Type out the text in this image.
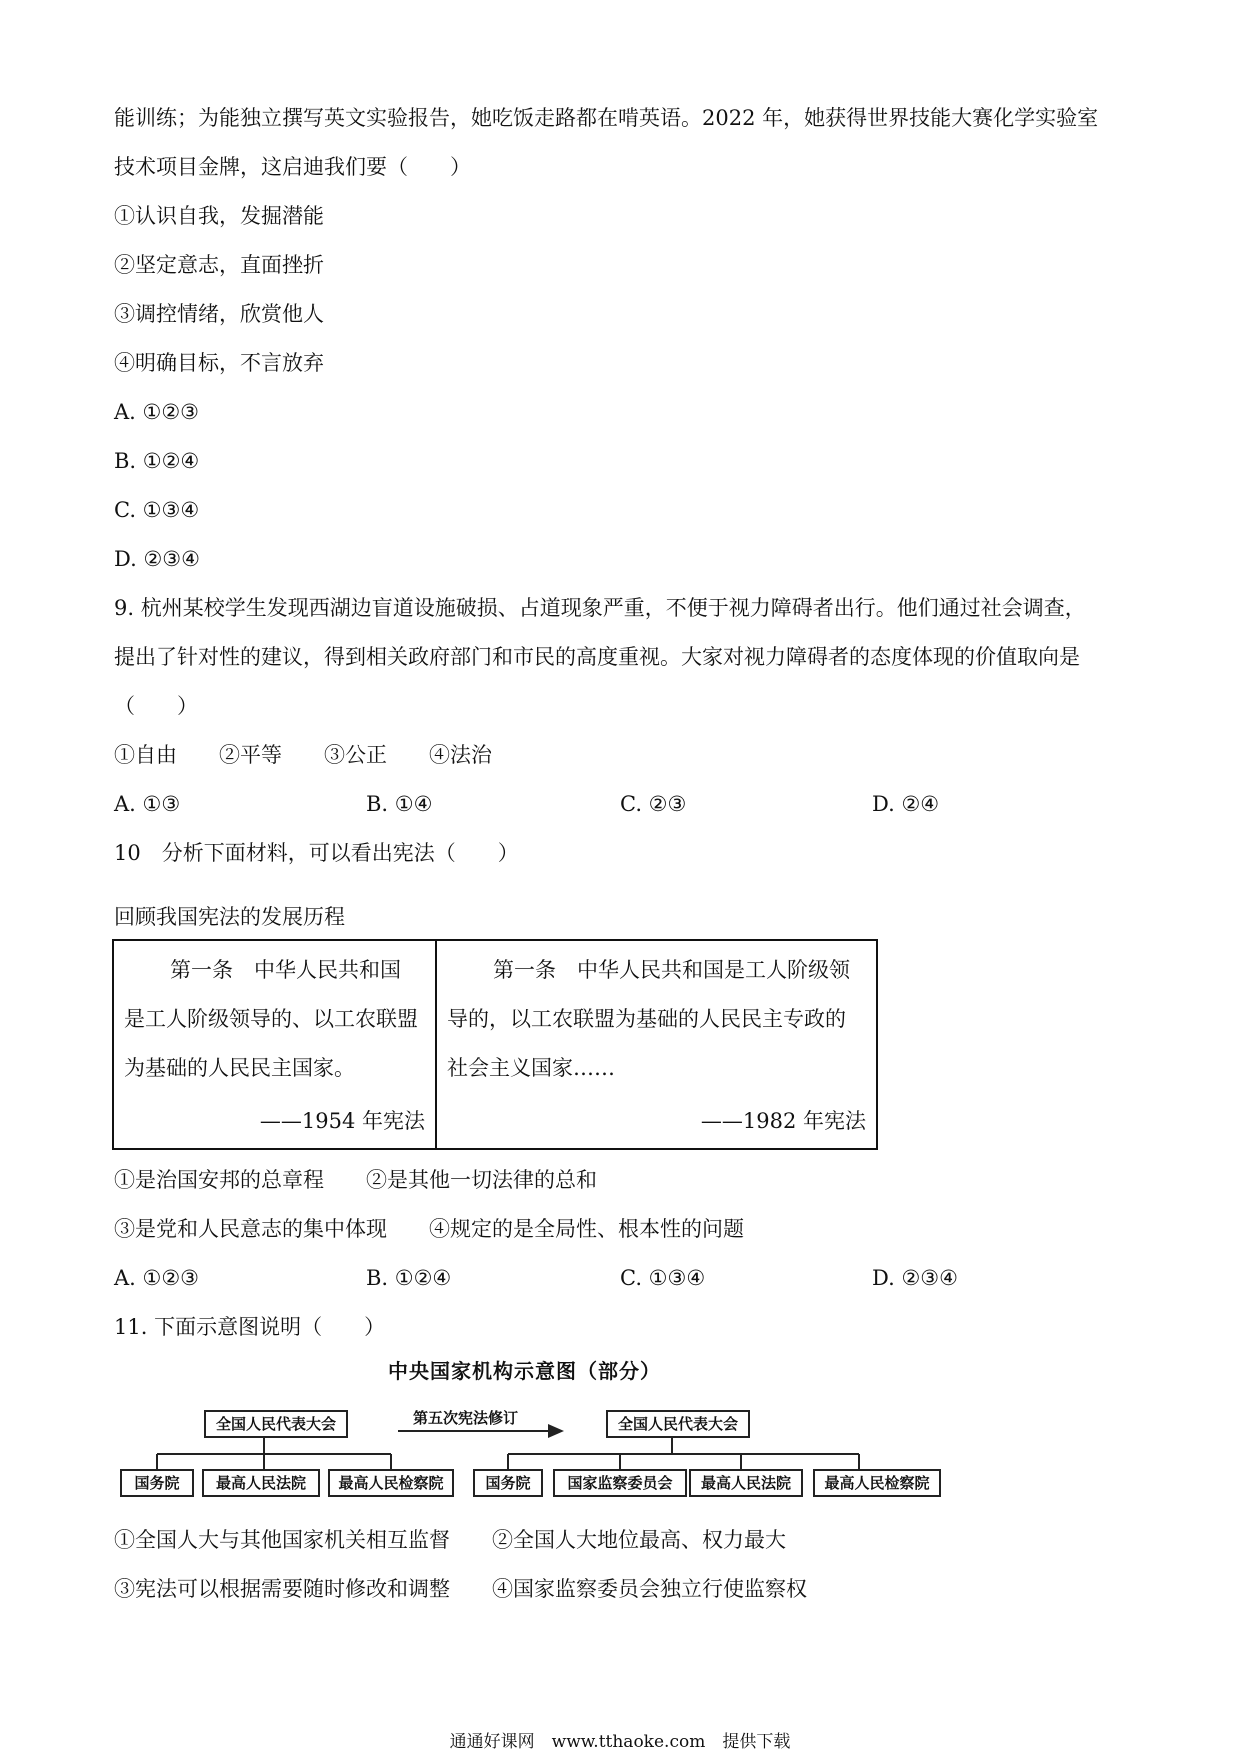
能训练；为能独立撰写英文实验报告，她吃饭走路都在啃英语。2022 年，她获得世界技能大赛化学实验室
技术项目金牌，这启迪我们要（　　）
①认识自我，发掘潜能
②坚定意志，直面挫折
③调控情绪，欣赏他人
④明确目标，不言放弃
A. ①②③
B. ①②④
C. ①③④
D. ②③④
9. 杭州某校学生发现西湖边盲道设施破损、占道现象严重，不便于视力障碍者出行。他们通过社会调查，
提出了针对性的建议，得到相关政府部门和市民的高度重视。大家对视力障碍者的态度体现的价值取向是
（　　）
①自由　　②平等　　③公正　　④法治
A. ①③	B. ①④	C. ②③	D. ②④
10　分析下面材料，可以看出宪法（　　）
回顾我国宪法的发展历程
第一条　中华人民共和国
是工人阶级领导的、以工农联盟
为基础的人民民主国家。
——1954 年宪法
第一条　中华人民共和国是工人阶级领
导的，以工农联盟为基础的人民民主专政的
社会主义国家……
——1982 年宪法
①是治国安邦的总章程　　②是其他一切法律的总和
③是党和人民意志的集中体现　　④规定的是全局性、根本性的问题
A. ①②③	B. ①②④	C. ①③④	D. ②③④
11. 下面示意图说明（　　）
中央国家机构示意图（部分）
全国人民代表大会	第五次宪法修订	全国人民代表大会
国务院	最高人民法院	最高人民检察院	国务院	国家监察委员会	最高人民法院	最高人民检察院
①全国人大与其他国家机关相互监督　　②全国人大地位最高、权力最大
③宪法可以根据需要随时修改和调整　　④国家监察委员会独立行使监察权
通通好课网　www.tthaoke.com　提供下载
